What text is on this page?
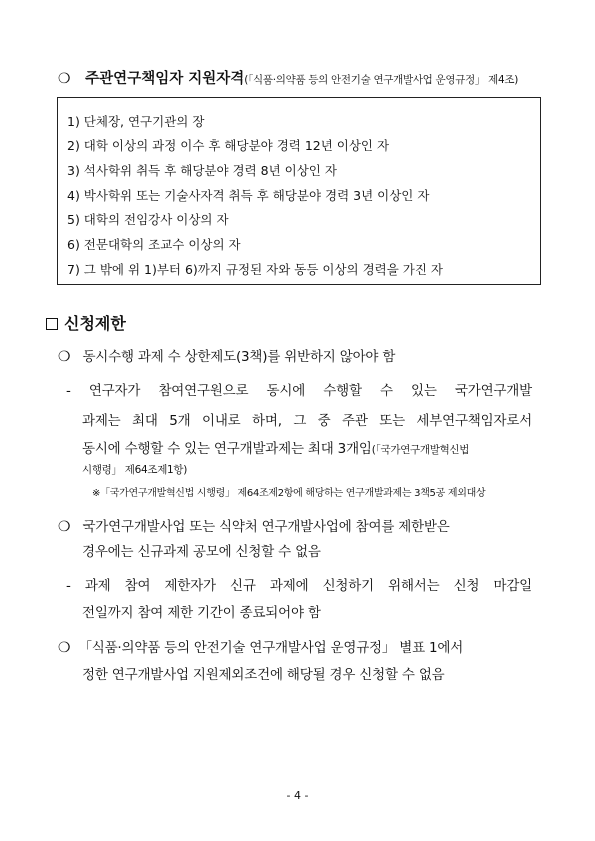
❍ 주관연구책임자 지원자격(「식품·의약품 등의 안전기술 연구개발사업 운영규정」 제4조)
1) 단체장, 연구기관의 장
2) 대학 이상의 과정 이수 후 해당분야 경력 12년 이상인 자
3) 석사학위 취득 후 해당분야 경력 8년 이상인 자
4) 박사학위 또는 기술사자격 취득 후 해당분야 경력 3년 이상인 자
5) 대학의 전임강사 이상의 자
6) 전문대학의 조교수 이상의 자
7) 그 밖에 위 1)부터 6)까지 규정된 자와 동등 이상의 경력을 가진 자
신청제한
❍ 동시수행 과제 수 상한제도(3책)를 위반하지 않아야 함
- 연구자가 참여연구원으로 동시에 수행할 수 있는 국가연구개발
과제는 최대 5개 이내로 하며, 그 중 주관 또는 세부연구책임자로서
동시에 수행할 수 있는 연구개발과제는 최대 3개임(「국가연구개발혁신법
시행령」 제64조제1항)
※「국가연구개발혁신법 시행령」 제64조제2항에 해당하는 연구개발과제는 3책5공 제외대상
❍ 국가연구개발사업 또는 식약처 연구개발사업에 참여를 제한받은
경우에는 신규과제 공모에 신청할 수 없음
- 과제 참여 제한자가 신규 과제에 신청하기 위해서는 신청 마감일
전일까지 참여 제한 기간이 종료되어야 함
❍ 「식품·의약품 등의 안전기술 연구개발사업 운영규정」 별표 1에서
정한 연구개발사업 지원제외조건에 해당될 경우 신청할 수 없음
- 4 -
